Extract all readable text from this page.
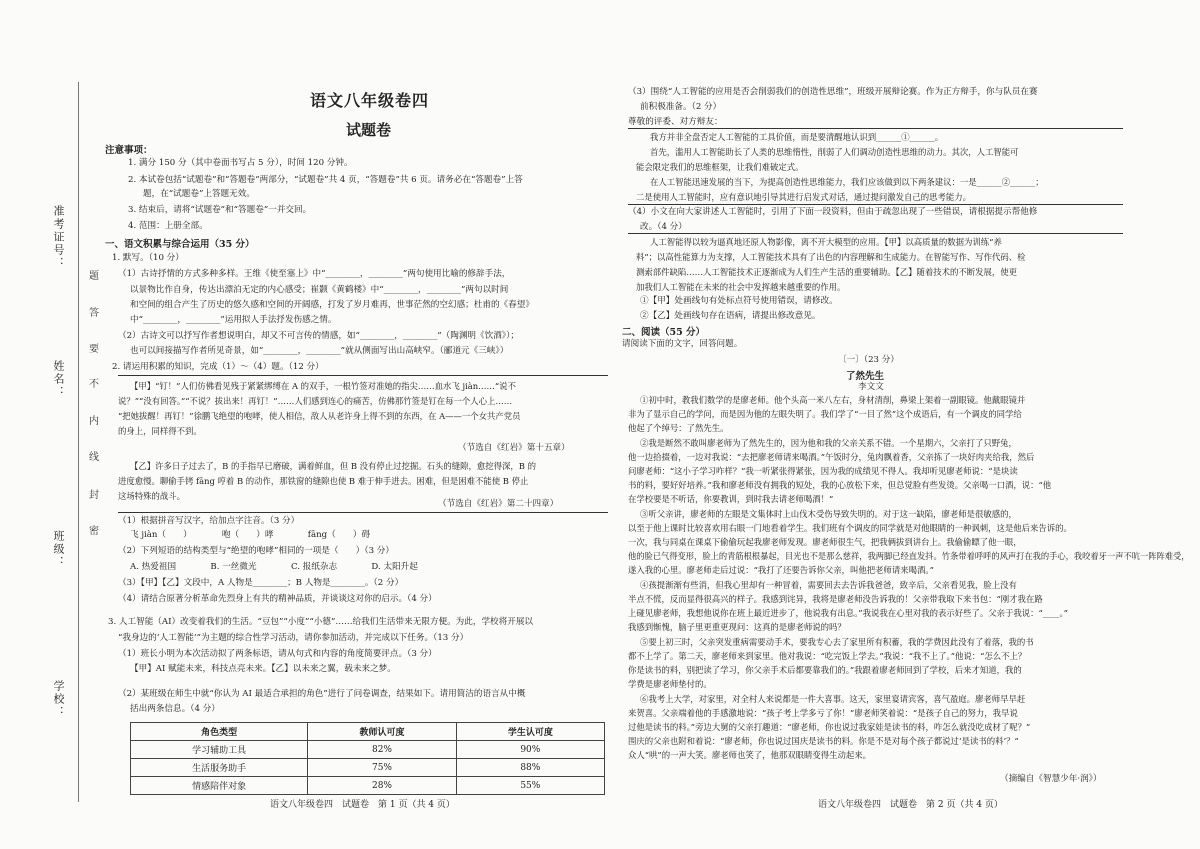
准考证号：
姓名：
班级：
学校：
题
答
要
不
内
线
封
密
语文八年级卷四
试题卷
注意事项：
1. 满分 150 分（其中卷面书写占 5 分），时间 120 分钟。
2. 本试卷包括“试题卷”和“答题卷”两部分，“试题卷”共 4 页，“答题卷”共 6 页。请务必在“答题卷”上答
题，在“试题卷”上答题无效。
3. 结束后，请将“试题卷”和“答题卷”一并交回。
4. 范围：上册全部。
一、语文积累与综合运用（35 分）
1. 默写。（10 分）
（1）古诗抒情的方式多种多样。王维《使至塞上》中“________，________”两句使用比喻的修辞手法，
以景物比作自身，传达出漂泊无定的内心感受；崔颢《黄鹤楼》中“________，________”两句以时间
和空间的组合产生了历史的悠久感和空间的开阔感，打发了岁月难再，世事茫然的空幻感；杜甫的《春望》
中“________，________”运用拟人手法抒发伤感之情。
（2）古诗文可以抒写作者想说明白，却又不可言传的情感，如“________，________”（陶渊明《饮酒》）；
也可以间接描写作者所见奇景，如“________，________”就从侧面写出山高峡窄。（郦道元《三峡》）
2. 请运用积累的知识，完成（1）～（4）题。（12 分）
【甲】“钉！”人们仿佛看见残于紧紧绑缚在 A 的双手，一根竹签对准她的指尖……血水飞 jiàn……“说不
说？”“没有回答。”“不说？拔出来！再钉！”……人们感到连心的痛苦，仿佛那竹签是钉在每一个人心上……
“把她拔醒！再钉！”徐鹏飞绝望的咆哮，使人相信，敌人从老许身上得不到的东西，在 A——一个女共产党员
的身上，同样得不到。
（节选自《红岩》第十五章）
【乙】许多日子过去了，B 的手指早已磨破，满着鲜血，但 B 没有停止过挖掘。石头的缝隙，愈挖得深，B 的
进度愈慢。聊偷手铐 fāng 哼着 B 的动作，那铁窗的缝隙也使 B 难于伸手进去。困难，但是困难不能使 B 停止
这场特殊的战斗。
（节选自《红岩》第二十四章）
（1）根据拼音写汉字，给加点字注音。（3 分）
飞 jiàn（　　）　　　　咆（　　）哮　　　　fāng（　　）碍
（2）下列短语的结构类型与“绝望的咆哮”相同的一项是（　　）（3 分）
A. 热爱祖国　　　　B. 一丝微光　　　　C. 报纸杂志　　　　D. 太阳升起
（3）【甲】【乙】文段中，A 人物是________；B 人物是________。（2 分）
（4）请结合原著分析革命先烈身上有共的精神品质，并谈谈这对你的启示。（4 分）
3. 人工智能（AI）改变着我们的生活。“豆包”“小度”“小德”……给我们生活带来无限方便。为此，学校将开展以
“我身边的‘人工智能’”为主题的综合性学习活动，请你参加活动，并完成以下任务。（13 分）
（1）班长小明为本次活动拟了两条标语，请从句式和内容的角度简要评点。（3 分）
【甲】AI 赋能未来，科技点亮未来。【乙】以未来之翼，载未来之梦。
（2）某班级在师生中就“你认为 AI 最适合承担的角色”进行了问卷调查，结果如下。请用简洁的语言从中概
括出两条信息。（4 分）
角色类型	教师认可度	学生认可度
学习辅助工具	82%	90%
生活服务助手	75%	88%
情感陪伴对象	28%	55%
语文八年级卷四　试题卷　第 1 页（共 4 页）
（3）围绕“人工智能的应用是否会削弱我们的创造性思维”，班级开展辩论赛。作为正方辩手，你与队员在赛
前积极准备。（2 分）
尊敬的评委、对方辩友：
我方并非全盘否定人工智能的工具价值，而是要清醒地认识到______①______。
首先，滥用人工智能助长了人类的思维惰性，削弱了人们调动创造性思维的动力。其次，人工智能可
能会限定我们的思维框架，让我们难破定式。
在人工智能迅速发展的当下，为提高创造性思维能力，我们应该做到以下两条建议：一是______②______；
二是使用人工智能时，应有意识地引导其进行启发式对话，通过提问激发自己的思考能力。
（4）小文在向大家讲述人工智能时，引用了下面一段资料，但由于疏忽出现了一些错误，请根据提示帮他修
改。（4 分）
人工智能得以较为逼真地还原人物影像，离不开大模型的应用。【甲】以高质量的数据为训练“养
料”；以高性能算力为支撑，人工智能技术具有了出色的内容理解和生成能力。在智能写作、写作代码、检
测索部件缺陷……人工智能技术正逐渐成为人们生产生活的重要辅助。【乙】随着技术的不断发展，使更
加我们人工智能在未来的社会中发挥越来越重要的作用。
①【甲】处画线句有处标点符号使用错误，请修改。
②【乙】处画线句存在语病，请提出修改意见。
二、阅读（55 分）
请阅读下面的文字，回答问题。
〔一〕（23 分）
了然先生
李文文
①初中时，教我们数学的是廖老师。他个头高一米八左右，身材清削，鼻梁上架着一副眼镜。他戴眼镜并
非为了显示自己的学问，而是因为他的左眼失明了。我们学了“一目了然”这个成语后，有一个调皮的同学给
他起了个绰号：了然先生。
②我是断然不敢叫廖老师为了然先生的，因为他和我的父亲关系不错。一个星期六，父亲打了只野兔，
他一边拾掇着，一边对我说：“去把廖老师请来喝酒。”午饭时分，兔肉飘着香，父亲拣了一块好肉夹给我，然后
问廖老师：“这小子学习咋样？”我一听紧张得紧张，因为我的成绩见不得人。我却听见廖老师说：“是块读
书的料，要好好培养。”我和廖老师没有拥我的短处，我的心放松下来，但总觉脸有些发烫。父亲喝一口酒，说：“他
在学校要是不听话，你要教训，到时我去请老师喝酒！”
③听父亲讲，廖老师的左眼是文集体时上山伐木受伤导致失明的。对于这一缺陷，廖老师是很敏感的，
以至于他上课时比较喜欢用右眼一门地看着学生。我们班有个调皮的同学就是对他眼睛的一种讽刺，这是他后来告诉的。
一次，我与同桌在课桌下偷偷玩起我廖老师发现。廖老师很生气，把我俩拔到讲台上。我偷偷瞟了他一眼，
他的脸已气得变形，脸上的青筋根根暴起，目光也不是那么慈祥，我两脚已经直发抖。竹条带着呼呼的风声打在我的手心，我咬着牙一声不吭一阵阵难受，
遂入我的心里。廖老师走后过说：“我打了还要告诉你父亲，叫他把老师请来喝酒。”
④孩提渐渐有些消，但我心里却有一种冒着，需要回去去告诉我爸爸，致辛后，父亲看见我，脸上没有
半点不慌，反而显得很高兴的样子。我感到诧异，我将是廖老师没告诉我的！父亲带我取下来书包：“刚才我在路
上碰见廖老师，我想他说你在班上最近进步了，他说我有出息。”我说我在心里对我的表示好些了。父亲于我说：“____。”
我感到惭愧，脑子里更重更现问：这真的是廖老师说的吗？
⑤要上初三时，父亲突发重病需要动手术，要我专心去了家里所有积蓄，我的学费因此没有了着落，我的书
都不上学了。第二天，廖老师来到家里。他对我说：“吃完饭上学去。”我说：“我不上了。”他说：“怎么不上？
你是读书的料，别把读了学习，你父亲手术后都要靠我们的。”我跟着廖老师回到了学校，后来才知道，我的
学费是廖老师垫付的。
⑥我考上大学，对家里，对全村人来说都是一件大喜事。这天，家里宴请宾客，喜气盈庭。廖老师早早赶
来贺喜。父亲端着他的手感激地说：“孩子考上学多亏了你！”廖老师笑着说：“是孩子自己的努力，我早说
过他是读书的料。”旁边大舅的父亲打趣道：“廖老师，你也说过我家娃是读书的料，咋怎么就没吃成材了呢？”
围庆的父亲也附和着说：“廖老师，你也说过国庆是读书的料。你是不是对每个孩子都说过‘是读书的料’？”
众人“哄”的一声大笑。廖老师也笑了，他那双眼睛变得生动起来。
（摘编自《智慧少年·润》）
语文八年级卷四　试题卷　第 2 页（共 4 页）
